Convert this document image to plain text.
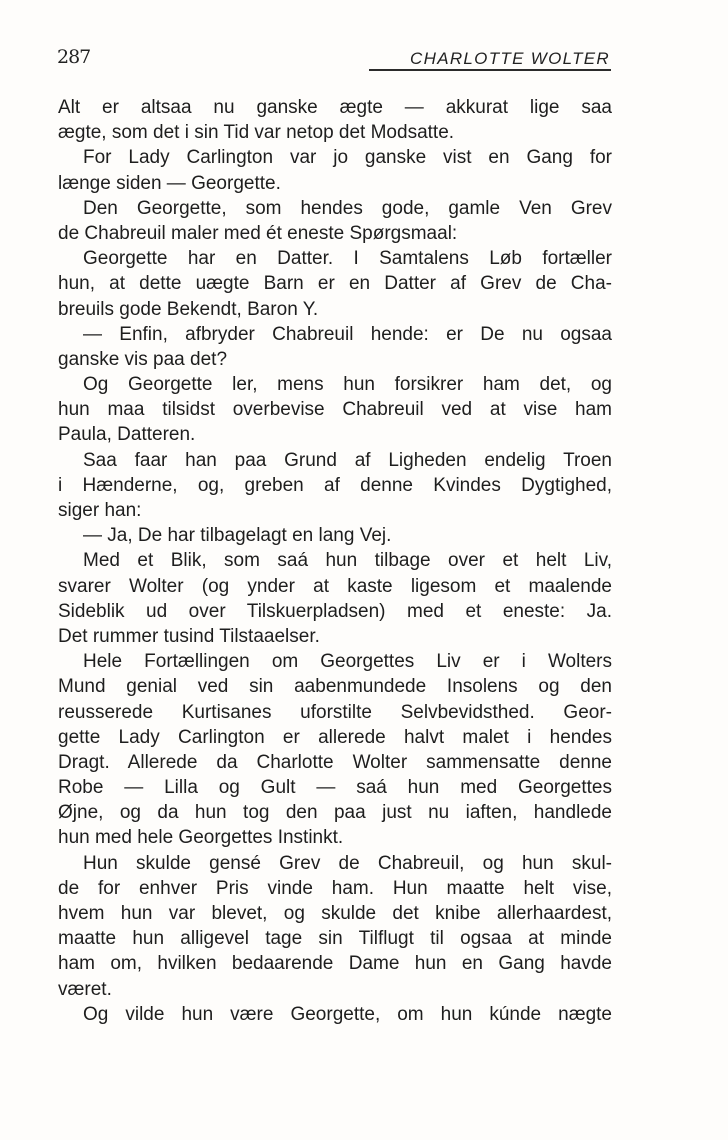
287	CHARLOTTE WOLTER
Alt er altsaa nu ganske ægte — akkurat lige saa
ægte, som det i sin Tid var netop det Modsatte.
For Lady Carlington var jo ganske vist en Gang for
længe siden — Georgette.
Den Georgette, som hendes gode, gamle Ven Grev
de Chabreuil maler med ét eneste Spørgsmaal:
Georgette har en Datter. I Samtalens Løb fortæller
hun, at dette uægte Barn er en Datter af Grev de Cha-
breuils gode Bekendt, Baron Y.
— Enfin, afbryder Chabreuil hende: er De nu ogsaa
ganske vis paa det?
Og Georgette ler, mens hun forsikrer ham det, og
hun maa tilsidst overbevise Chabreuil ved at vise ham
Paula, Datteren.
Saa faar han paa Grund af Ligheden endelig Troen
i Hænderne, og, greben af denne Kvindes Dygtighed,
siger han:
— Ja, De har tilbagelagt en lang Vej.
Med et Blik, som saá hun tilbage over et helt Liv,
svarer Wolter (og ynder at kaste ligesom et maalende
Sideblik ud over Tilskuerpladsen) med et eneste: Ja.
Det rummer tusind Tilstaaelser.
Hele Fortællingen om Georgettes Liv er i Wolters
Mund genial ved sin aabenmundede Insolens og den
reusserede Kurtisanes uforstilte Selvbevidsthed. Geor-
gette Lady Carlington er allerede halvt malet i hendes
Dragt. Allerede da Charlotte Wolter sammensatte denne
Robe — Lilla og Gult — saá hun med Georgettes
Øjne, og da hun tog den paa just nu iaften, handlede
hun med hele Georgettes Instinkt.
Hun skulde gensé Grev de Chabreuil, og hun skul-
de for enhver Pris vinde ham. Hun maatte helt vise,
hvem hun var blevet, og skulde det knibe allerhaardest,
maatte hun alligevel tage sin Tilflugt til ogsaa at minde
ham om, hvilken bedaarende Dame hun en Gang havde
været.
Og vilde hun være Georgette, om hun kúnde nægte
